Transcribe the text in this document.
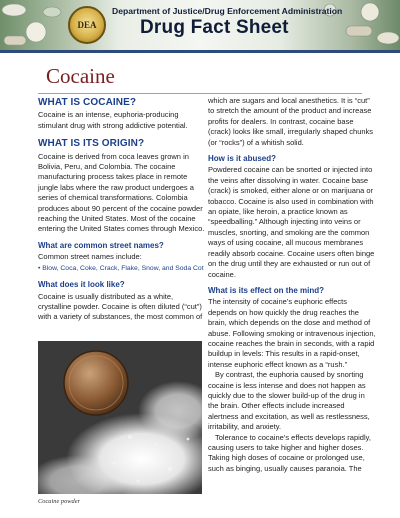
DEA
Department of Justice/Drug Enforcement Administration
Drug Fact Sheet
Cocaine
WHAT IS COCAINE?

Cocaine is an intense, euphoria-producing stimulant drug with strong addictive potential.

WHAT IS ITS ORIGIN?

Cocaine is derived from coca leaves grown in Bolivia, Peru, and Colombia. The cocaine manufacturing process takes place in remote jungle labs where the raw product undergoes a series of chemical transformations. Colombia produces about 90 percent of the cocaine powder reaching the United States. Most of the cocaine entering the United States comes through Mexico.

What are common street names?

Common street names include:

• Blow, Coca, Coke, Crack, Flake, Snow, and Soda Cot

What does it look like?

Cocaine is usually distributed as a white, crystalline powder. Cocaine is often diluted (“cut”) with a variety of substances, the most common of

which are sugars and local anesthetics. It is “cut” to stretch the amount of the product and increase profits for dealers. In contrast, cocaine base (crack) looks like small, irregularly shaped chunks (or “rocks”) of a whitish solid.

How is it abused?

Powdered cocaine can be snorted or injected into the veins after dissolving in water. Cocaine base (crack) is smoked, either alone or on marijuana or tobacco. Cocaine is also used in combination with an opiate, like heroin, a practice known as “speedballing.” Although injecting into veins or muscles, snorting, and smoking are the common ways of using cocaine, all mucous membranes readily absorb cocaine. Cocaine users often binge on the drug until they are exhausted or run out of cocaine.

What is its effect on the mind?

The intensity of cocaine’s euphoric effects depends on how quickly the drug reaches the brain, which depends on the dose and method of abuse. Following smoking or intravenous injection, cocaine reaches the brain in seconds, with a rapid buildup in levels: This results in a rapid-onset, intense euphoric effect known as a “rush.”

By contrast, the euphoria caused by snorting cocaine is less intense and does not happen as quickly due to the slower build-up of the drug in the brain. Other effects include increased alertness and excitation, as well as restlessness, irritability, and anxiety.

Tolerance to cocaine’s effects develops rapidly, causing users to take higher and higher doses. Taking high doses of cocaine or prolonged use, such as binging, usually causes paranoia. The

Cocaine powder
